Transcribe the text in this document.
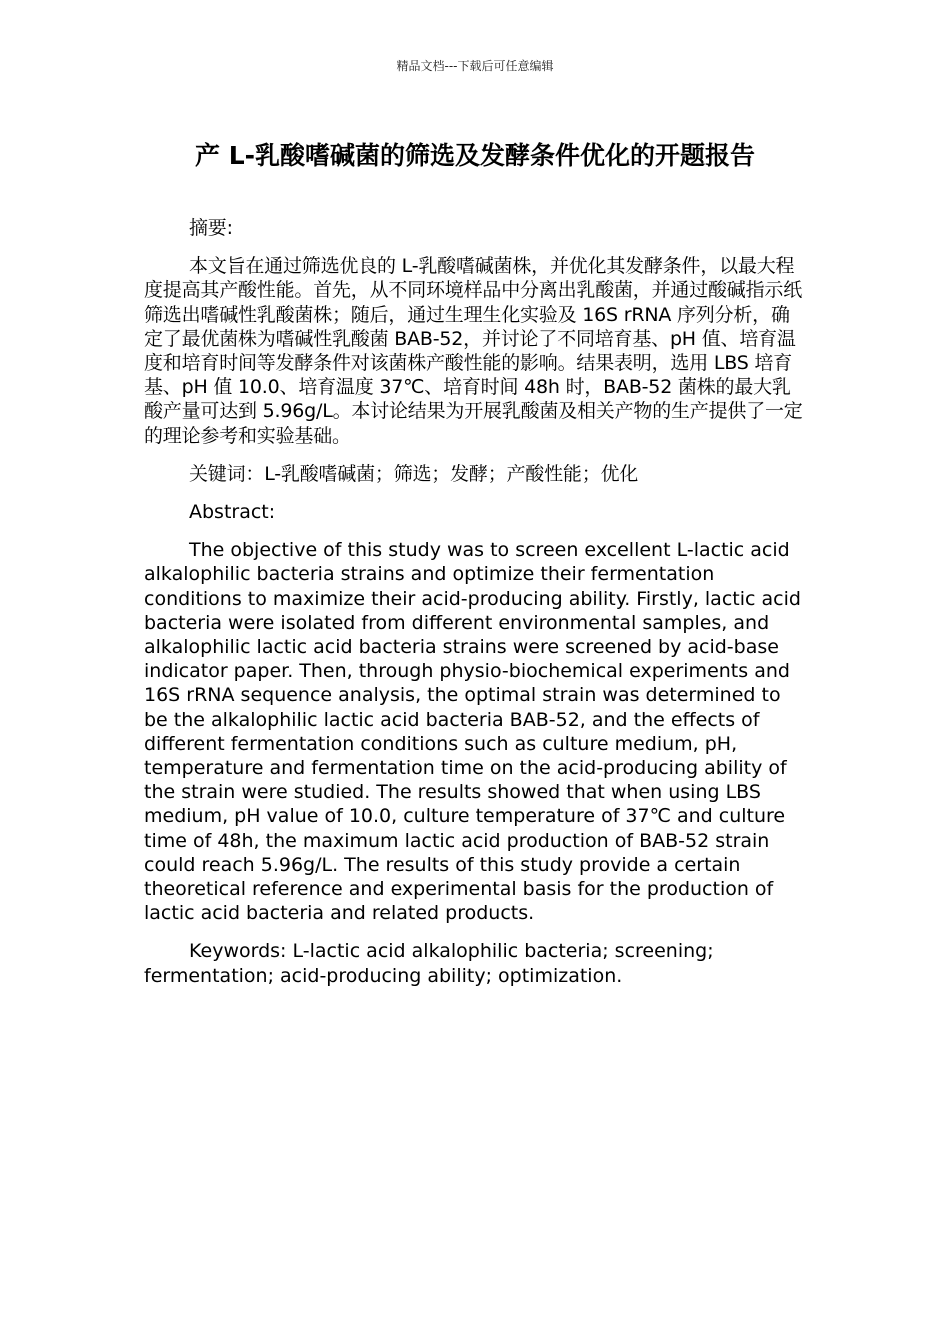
精品文档---下载后可任意编辑
产 L-乳酸嗜碱菌的筛选及发酵条件优化的开题报告

摘要:

本文旨在通过筛选优良的 L-乳酸嗜碱菌株，并优化其发酵条件，以最大程度提高其产酸性能。首先，从不同环境样品中分离出乳酸菌，并通过酸碱指示纸筛选出嗜碱性乳酸菌株；随后，通过生理生化实验及 16S rRNA 序列分析，确定了最优菌株为嗜碱性乳酸菌 BAB-52，并讨论了不同培育基、pH 值、培育温度和培育时间等发酵条件对该菌株产酸性能的影响。结果表明，选用 LBS 培育基、pH 值 10.0、培育温度 37℃、培育时间 48h 时，BAB-52 菌株的最大乳酸产量可达到 5.96g/L。本讨论结果为开展乳酸菌及相关产物的生产提供了一定的理论参考和实验基础。

关键词：L-乳酸嗜碱菌；筛选；发酵；产酸性能；优化

Abstract:

The objective of this study was to screen excellent L-lactic acid alkalophilic bacteria strains and optimize their fermentation conditions to maximize their acid-producing ability. Firstly, lactic acid bacteria were isolated from different environmental samples, and alkalophilic lactic acid bacteria strains were screened by acid-base indicator paper. Then, through physio-biochemical experiments and 16S rRNA sequence analysis, the optimal strain was determined to be the alkalophilic lactic acid bacteria BAB-52, and the effects of different fermentation conditions such as culture medium, pH, temperature and fermentation time on the acid-producing ability of the strain were studied. The results showed that when using LBS medium, pH value of 10.0, culture temperature of 37℃ and culture time of 48h, the maximum lactic acid production of BAB-52 strain could reach 5.96g/L. The results of this study provide a certain theoretical reference and experimental basis for the production of lactic acid bacteria and related products.

Keywords: L-lactic acid alkalophilic bacteria; screening; fermentation; acid-producing ability; optimization.
